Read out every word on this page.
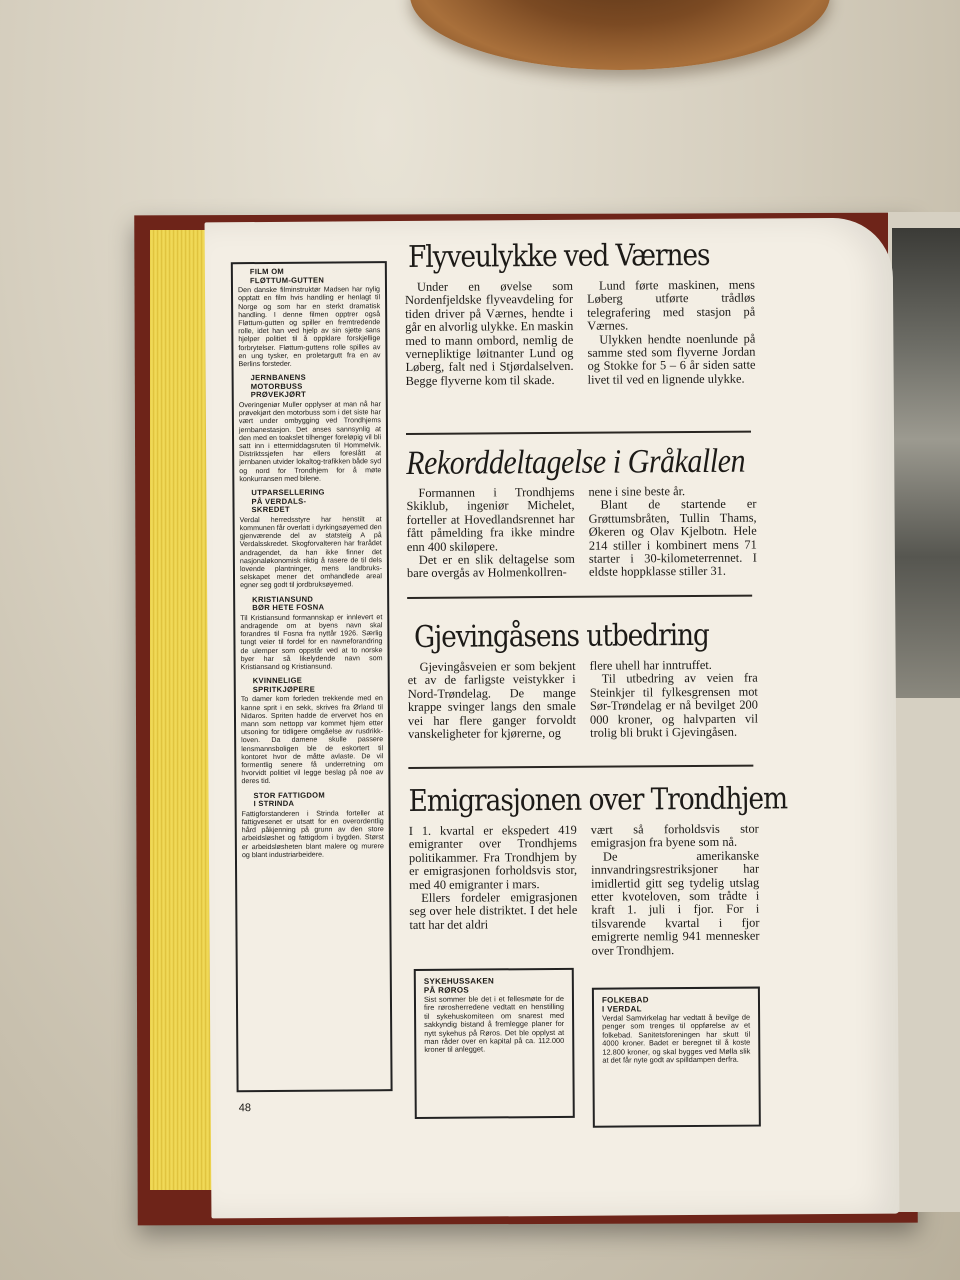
FILM OM
FLØTTUM-GUTTEN
Den danske filminstruktør Madsen har nylig opptatt en film hvis handling er henlagt til Norge og som har en sterkt dramatisk handling. I denne filmen opptrer også Fløttum-gutten og spiller en fremtredende rolle, idet han ved hjelp av sin sjette sans hjelper politiet til å oppklare forskjellige forbrytelser. Fløttum-guttens rolle spilles av en ung tysker, en proletargutt fra en av Berlins forsteder.
JERNBANENS
MOTORBUSS
PRØVEKJØRT
Overingeniør Muller opplyser at man nå har prøvekjørt den motorbuss som i det siste har vært under ombygging ved Trondhjems jernbanestasjon. Det anses sannsynlig at den med en toakslet tilhenger foreløpig vil bli satt inn i ettermiddagsruten til Hommelvik. Distriktssjefen har ellers foreslått at jernbanen utvider lokaltog-trafikken både syd og nord for Trondhjem for å møte konkurransen med bilene.
UTPARSELLERING
PÅ VERDALS-
SKREDET
Verdal herredsstyre har henstilt at kommunen får overlatt i dyrkingsøyemed den gjenværende del av statsteig A på Verdalsskredet. Skogforvalteren har frarådet andragendet, da han ikke finner det nasjonaløkonomisk riktig å rasere de til dels lovende plantninger, mens landbruks-selskapet mener det omhandlede areal egner seg godt til jordbruksøyemed.
KRISTIANSUND
BØR HETE FOSNA
Til Kristiansund formannskap er innlevert et andragende om at byens navn skal forandres til Fosna fra nyttår 1926. Særlig tungt veier til fordel for en navneforandring de ulemper som oppstår ved at to norske byer har så likelydende navn som Kristiansand og Kristiansund.
KVINNELIGE
SPRITKJØPERE
To damer kom forleden trekkende med en kanne sprit i en sekk, skrives fra Ørland til Nidaros. Spriten hadde de ervervet hos en mann som nettopp var kommet hjem etter utsoning for tidligere omgåelse av rusdrikk-loven. Da damene skulle passere lensmannsboligen ble de eskortert til kontoret hvor de måtte avlaste. De vil formentlig senere få underretning om hvorvidt politiet vil legge beslag på noe av deres tid.
STOR FATTIGDOM
I STRINDA
Fattigforstanderen i Strinda forteller at fattigvesenet er utsatt for en overordentlig hård påkjenning på grunn av den store arbeidsløshet og fattigdom i bygden. Størst er arbeidsløsheten blant malere og murere og blant industriarbeidere.
48
Flyveulykke ved Værnes

Under en øvelse som Nordenfjeldske flyveavdeling for tiden driver på Værnes, hendte i går en alvorlig ulykke. En maskin med to mann ombord, nemlig de vernepliktige løitnanter Lund og Løberg, falt ned i Stjørdalselven. Begge flyverne kom til skade.

Lund førte maskinen, mens Løberg utførte trådløs telegrafering med stasjon på Værnes.

Ulykken hendte noenlunde på samme sted som flyverne Jordan og Stokke for 5 – 6 år siden satte livet til ved en lignende ulykke.

Rekorddeltagelse i Gråkallen

Formannen i Trondhjems Skiklub, ingeniør Michelet, forteller at Hovedlandsrennet har fått påmelding fra ikke mindre enn 400 skiløpere.

Det er en slik deltagelse som bare overgås av Holmenkollren-

nene i sine beste år.

Blant de startende er Grøttumsbråten, Tullin Thams, Økeren og Olav Kjelbotn. Hele 214 stiller i kombinert mens 71 starter i 30-kilometerrennet. I eldste hoppklasse stiller 31.

Gjevingåsens utbedring

Gjevingåsveien er som bekjent et av de farligste veistykker i Nord-Trøndelag. De mange krappe svinger langs den smale vei har flere ganger forvoldt vanskeligheter for kjørerne, og

flere uhell har inntruffet.

Til utbedring av veien fra Steinkjer til fylkesgrensen mot Sør-Trøndelag er nå bevilget 200 000 kroner, og halvparten vil trolig bli brukt i Gjevingåsen.

Emigrasjonen over Trondhjem

I 1. kvartal er ekspedert 419 emigranter over Trondhjems politikammer. Fra Trondhjem by er emigrasjonen forholdsvis stor, med 40 emigranter i mars.

Ellers fordeler emigrasjonen seg over hele distriktet. I det hele tatt har det aldri

vært så forholdsvis stor emigrasjon fra byene som nå.

De amerikanske innvandringsrestriksjoner har imidlertid gitt seg tydelig utslag etter kvoteloven, som trådte i kraft 1. juli i fjor. For i tilsvarende kvartal i fjor emigrerte nemlig 941 mennesker over Trondhjem.

SYKEHUSSAKEN
PÅ RØROS
Sist sommer ble det i et fellesmøte for de fire rørosherredene vedtatt en henstilling til sykehuskomiteen om snarest med sakkyndig bistand å fremlegge planer for nytt sykehus på Røros. Det ble opplyst at man råder over en kapital på ca. 112.000 kroner til anlegget.
FOLKEBAD
I VERDAL
Verdal Samvirkelag har vedtatt å bevilge de penger som trenges til oppførelse av et folkebad. Sanitetsforeningen har skutt til 4000 kroner. Badet er beregnet til å koste 12.800 kroner, og skal bygges ved Mølla slik at det får nyte godt av spilldampen derfra.
